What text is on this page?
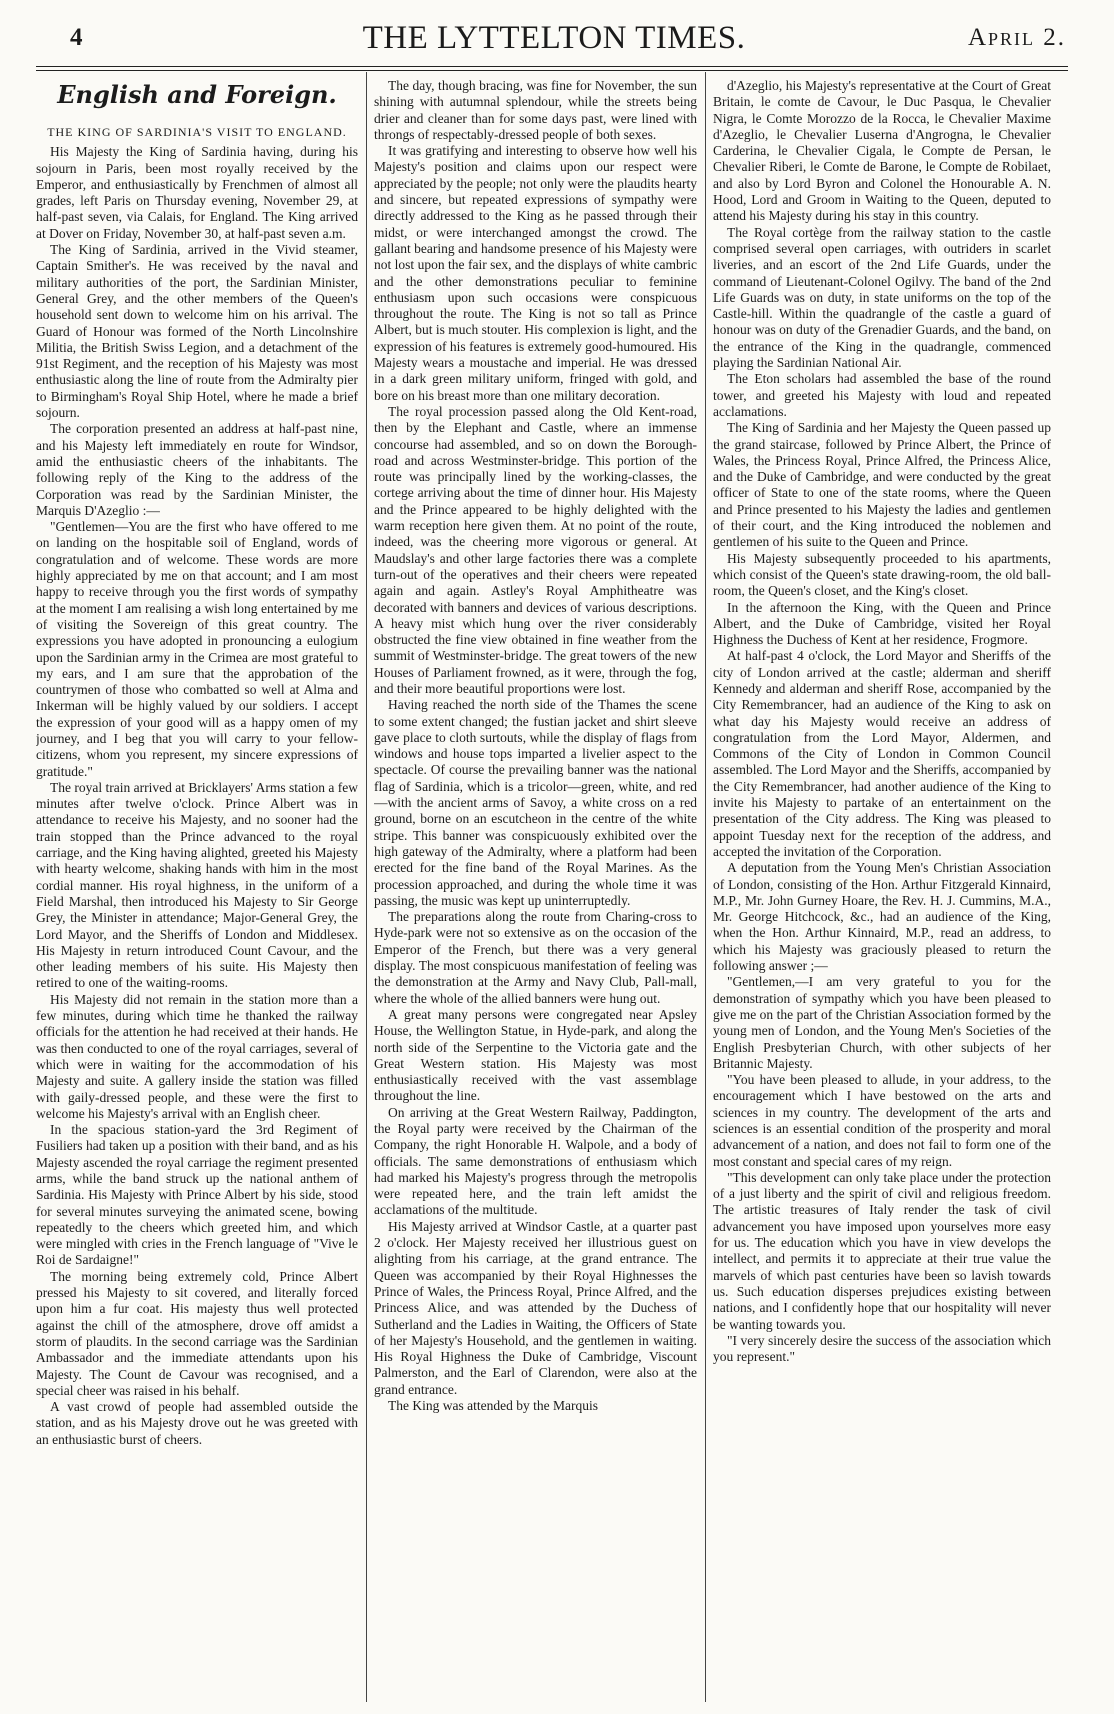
4	THE LYTTELTON TIMES.	April 2.
English and Foreign.
THE KING OF SARDINIA'S VISIT TO ENGLAND.

His Majesty the King of Sardinia having, during his sojourn in Paris, been most royally received by the Emperor, and enthusiastically by Frenchmen of almost all grades, left Paris on Thursday evening, November 29, at half-past seven, via Calais, for England. The King arrived at Dover on Friday, November 30, at half-past seven a.m.

The King of Sardinia, arrived in the Vivid steamer, Captain Smither's. He was received by the naval and military authorities of the port, the Sardinian Minister, General Grey, and the other members of the Queen's household sent down to welcome him on his arrival. The Guard of Honour was formed of the North Lincolnshire Militia, the British Swiss Legion, and a detachment of the 91st Regiment, and the reception of his Majesty was most enthusiastic along the line of route from the Admiralty pier to Birmingham's Royal Ship Hotel, where he made a brief sojourn.

The corporation presented an address at half-past nine, and his Majesty left immediately en route for Windsor, amid the enthusiastic cheers of the inhabitants. The following reply of the King to the address of the Corporation was read by the Sardinian Minister, the Marquis D'Azeglio :—

"Gentlemen—You are the first who have offered to me on landing on the hospitable soil of England, words of congratulation and of welcome. These words are more highly appreciated by me on that account; and I am most happy to receive through you the first words of sympathy at the moment I am realising a wish long entertained by me of visiting the Sovereign of this great country. The expressions you have adopted in pronouncing a eulogium upon the Sardinian army in the Crimea are most grateful to my ears, and I am sure that the approbation of the countrymen of those who combatted so well at Alma and Inkerman will be highly valued by our soldiers. I accept the expression of your good will as a happy omen of my journey, and I beg that you will carry to your fellow-citizens, whom you represent, my sincere expressions of gratitude."

The royal train arrived at Bricklayers' Arms station a few minutes after twelve o'clock. Prince Albert was in attendance to receive his Majesty, and no sooner had the train stopped than the Prince advanced to the royal carriage, and the King having alighted, greeted his Majesty with hearty welcome, shaking hands with him in the most cordial manner. His royal highness, in the uniform of a Field Marshal, then introduced his Majesty to Sir George Grey, the Minister in attendance; Major-General Grey, the Lord Mayor, and the Sheriffs of London and Middlesex. His Majesty in return introduced Count Cavour, and the other leading members of his suite. His Majesty then retired to one of the waiting-rooms.

His Majesty did not remain in the station more than a few minutes, during which time he thanked the railway officials for the attention he had received at their hands. He was then conducted to one of the royal carriages, several of which were in waiting for the accommodation of his Majesty and suite. A gallery inside the station was filled with gaily-dressed people, and these were the first to welcome his Majesty's arrival with an English cheer.

In the spacious station-yard the 3rd Regiment of Fusiliers had taken up a position with their band, and as his Majesty ascended the royal carriage the regiment presented arms, while the band struck up the national anthem of Sardinia. His Majesty with Prince Albert by his side, stood for several minutes surveying the animated scene, bowing repeatedly to the cheers which greeted him, and which were mingled with cries in the French language of "Vive le Roi de Sardaigne!"

The morning being extremely cold, Prince Albert pressed his Majesty to sit covered, and literally forced upon him a fur coat. His majesty thus well protected against the chill of the atmosphere, drove off amidst a storm of plaudits. In the second carriage was the Sardinian Ambassador and the immediate attendants upon his Majesty. The Count de Cavour was recognised, and a special cheer was raised in his behalf.

A vast crowd of people had assembled outside the station, and as his Majesty drove out he was greeted with an enthusiastic burst of cheers.

The day, though bracing, was fine for November, the sun shining with autumnal splendour, while the streets being drier and cleaner than for some days past, were lined with throngs of respectably-dressed people of both sexes.

It was gratifying and interesting to observe how well his Majesty's position and claims upon our respect were appreciated by the people; not only were the plaudits hearty and sincere, but repeated expressions of sympathy were directly addressed to the King as he passed through their midst, or were interchanged amongst the crowd. The gallant bearing and handsome presence of his Majesty were not lost upon the fair sex, and the displays of white cambric and the other demonstrations peculiar to feminine enthusiasm upon such occasions were conspicuous throughout the route. The King is not so tall as Prince Albert, but is much stouter. His complexion is light, and the expression of his features is extremely good-humoured. His Majesty wears a moustache and imperial. He was dressed in a dark green military uniform, fringed with gold, and bore on his breast more than one military decoration.

The royal procession passed along the Old Kent-road, then by the Elephant and Castle, where an immense concourse had assembled, and so on down the Borough-road and across Westminster-bridge. This portion of the route was principally lined by the working-classes, the cortege arriving about the time of dinner hour. His Majesty and the Prince appeared to be highly delighted with the warm reception here given them. At no point of the route, indeed, was the cheering more vigorous or general. At Maudslay's and other large factories there was a complete turn-out of the operatives and their cheers were repeated again and again. Astley's Royal Amphitheatre was decorated with banners and devices of various descriptions. A heavy mist which hung over the river considerably obstructed the fine view obtained in fine weather from the summit of Westminster-bridge. The great towers of the new Houses of Parliament frowned, as it were, through the fog, and their more beautiful proportions were lost.

Having reached the north side of the Thames the scene to some extent changed; the fustian jacket and shirt sleeve gave place to cloth surtouts, while the display of flags from windows and house tops imparted a livelier aspect to the spectacle. Of course the prevailing banner was the national flag of Sardinia, which is a tricolor—green, white, and red—with the ancient arms of Savoy, a white cross on a red ground, borne on an escutcheon in the centre of the white stripe. This banner was conspicuously exhibited over the high gateway of the Admiralty, where a platform had been erected for the fine band of the Royal Marines. As the procession approached, and during the whole time it was passing, the music was kept up uninterruptedly.

The preparations along the route from Charing-cross to Hyde-park were not so extensive as on the occasion of the Emperor of the French, but there was a very general display. The most conspicuous manifestation of feeling was the demonstration at the Army and Navy Club, Pall-mall, where the whole of the allied banners were hung out.

A great many persons were congregated near Apsley House, the Wellington Statue, in Hyde-park, and along the north side of the Serpentine to the Victoria gate and the Great Western station. His Majesty was most enthusiastically received with the vast assemblage throughout the line.

On arriving at the Great Western Railway, Paddington, the Royal party were received by the Chairman of the Company, the right Honorable H. Walpole, and a body of officials. The same demonstrations of enthusiasm which had marked his Majesty's progress through the metropolis were repeated here, and the train left amidst the acclamations of the multitude.

His Majesty arrived at Windsor Castle, at a quarter past 2 o'clock. Her Majesty received her illustrious guest on alighting from his carriage, at the grand entrance. The Queen was accompanied by their Royal Highnesses the Prince of Wales, the Princess Royal, Prince Alfred, and the Princess Alice, and was attended by the Duchess of Sutherland and the Ladies in Waiting, the Officers of State of her Majesty's Household, and the gentlemen in waiting. His Royal Highness the Duke of Cambridge, Viscount Palmerston, and the Earl of Clarendon, were also at the grand entrance.

The King was attended by the Marquis

d'Azeglio, his Majesty's representative at the Court of Great Britain, le comte de Cavour, le Duc Pasqua, le Chevalier Nigra, le Comte Morozzo de la Rocca, le Chevalier Maxime d'Azeglio, le Chevalier Luserna d'Angrogna, le Chevalier Carderina, le Chevalier Cigala, le Compte de Persan, le Chevalier Riberi, le Comte de Barone, le Compte de Robilaet, and also by Lord Byron and Colonel the Honourable A. N. Hood, Lord and Groom in Waiting to the Queen, deputed to attend his Majesty during his stay in this country.

The Royal cortège from the railway station to the castle comprised several open carriages, with outriders in scarlet liveries, and an escort of the 2nd Life Guards, under the command of Lieutenant-Colonel Ogilvy. The band of the 2nd Life Guards was on duty, in state uniforms on the top of the Castle-hill. Within the quadrangle of the castle a guard of honour was on duty of the Grenadier Guards, and the band, on the entrance of the King in the quadrangle, commenced playing the Sardinian National Air.

The Eton scholars had assembled the base of the round tower, and greeted his Majesty with loud and repeated acclamations.

The King of Sardinia and her Majesty the Queen passed up the grand staircase, followed by Prince Albert, the Prince of Wales, the Princess Royal, Prince Alfred, the Princess Alice, and the Duke of Cambridge, and were conducted by the great officer of State to one of the state rooms, where the Queen and Prince presented to his Majesty the ladies and gentlemen of their court, and the King introduced the noblemen and gentlemen of his suite to the Queen and Prince.

His Majesty subsequently proceeded to his apartments, which consist of the Queen's state drawing-room, the old ball-room, the Queen's closet, and the King's closet.

In the afternoon the King, with the Queen and Prince Albert, and the Duke of Cambridge, visited her Royal Highness the Duchess of Kent at her residence, Frogmore.

At half-past 4 o'clock, the Lord Mayor and Sheriffs of the city of London arrived at the castle; alderman and sheriff Kennedy and alderman and sheriff Rose, accompanied by the City Remembrancer, had an audience of the King to ask on what day his Majesty would receive an address of congratulation from the Lord Mayor, Aldermen, and Commons of the City of London in Common Council assembled. The Lord Mayor and the Sheriffs, accompanied by the City Remembrancer, had another audience of the King to invite his Majesty to partake of an entertainment on the presentation of the City address. The King was pleased to appoint Tuesday next for the reception of the address, and accepted the invitation of the Corporation.

A deputation from the Young Men's Christian Association of London, consisting of the Hon. Arthur Fitzgerald Kinnaird, M.P., Mr. John Gurney Hoare, the Rev. H. J. Cummins, M.A., Mr. George Hitchcock, &c., had an audience of the King, when the Hon. Arthur Kinnaird, M.P., read an address, to which his Majesty was graciously pleased to return the following answer ;—

"Gentlemen,—I am very grateful to you for the demonstration of sympathy which you have been pleased to give me on the part of the Christian Association formed by the young men of London, and the Young Men's Societies of the English Presbyterian Church, with other subjects of her Britannic Majesty.

"You have been pleased to allude, in your address, to the encouragement which I have bestowed on the arts and sciences in my country. The development of the arts and sciences is an essential condition of the prosperity and moral advancement of a nation, and does not fail to form one of the most constant and special cares of my reign.

"This development can only take place under the protection of a just liberty and the spirit of civil and religious freedom. The artistic treasures of Italy render the task of civil advancement you have imposed upon yourselves more easy for us. The education which you have in view develops the intellect, and permits it to appreciate at their true value the marvels of which past centuries have been so lavish towards us. Such education disperses prejudices existing between nations, and I confidently hope that our hospitality will never be wanting towards you.

"I very sincerely desire the success of the association which you represent."
